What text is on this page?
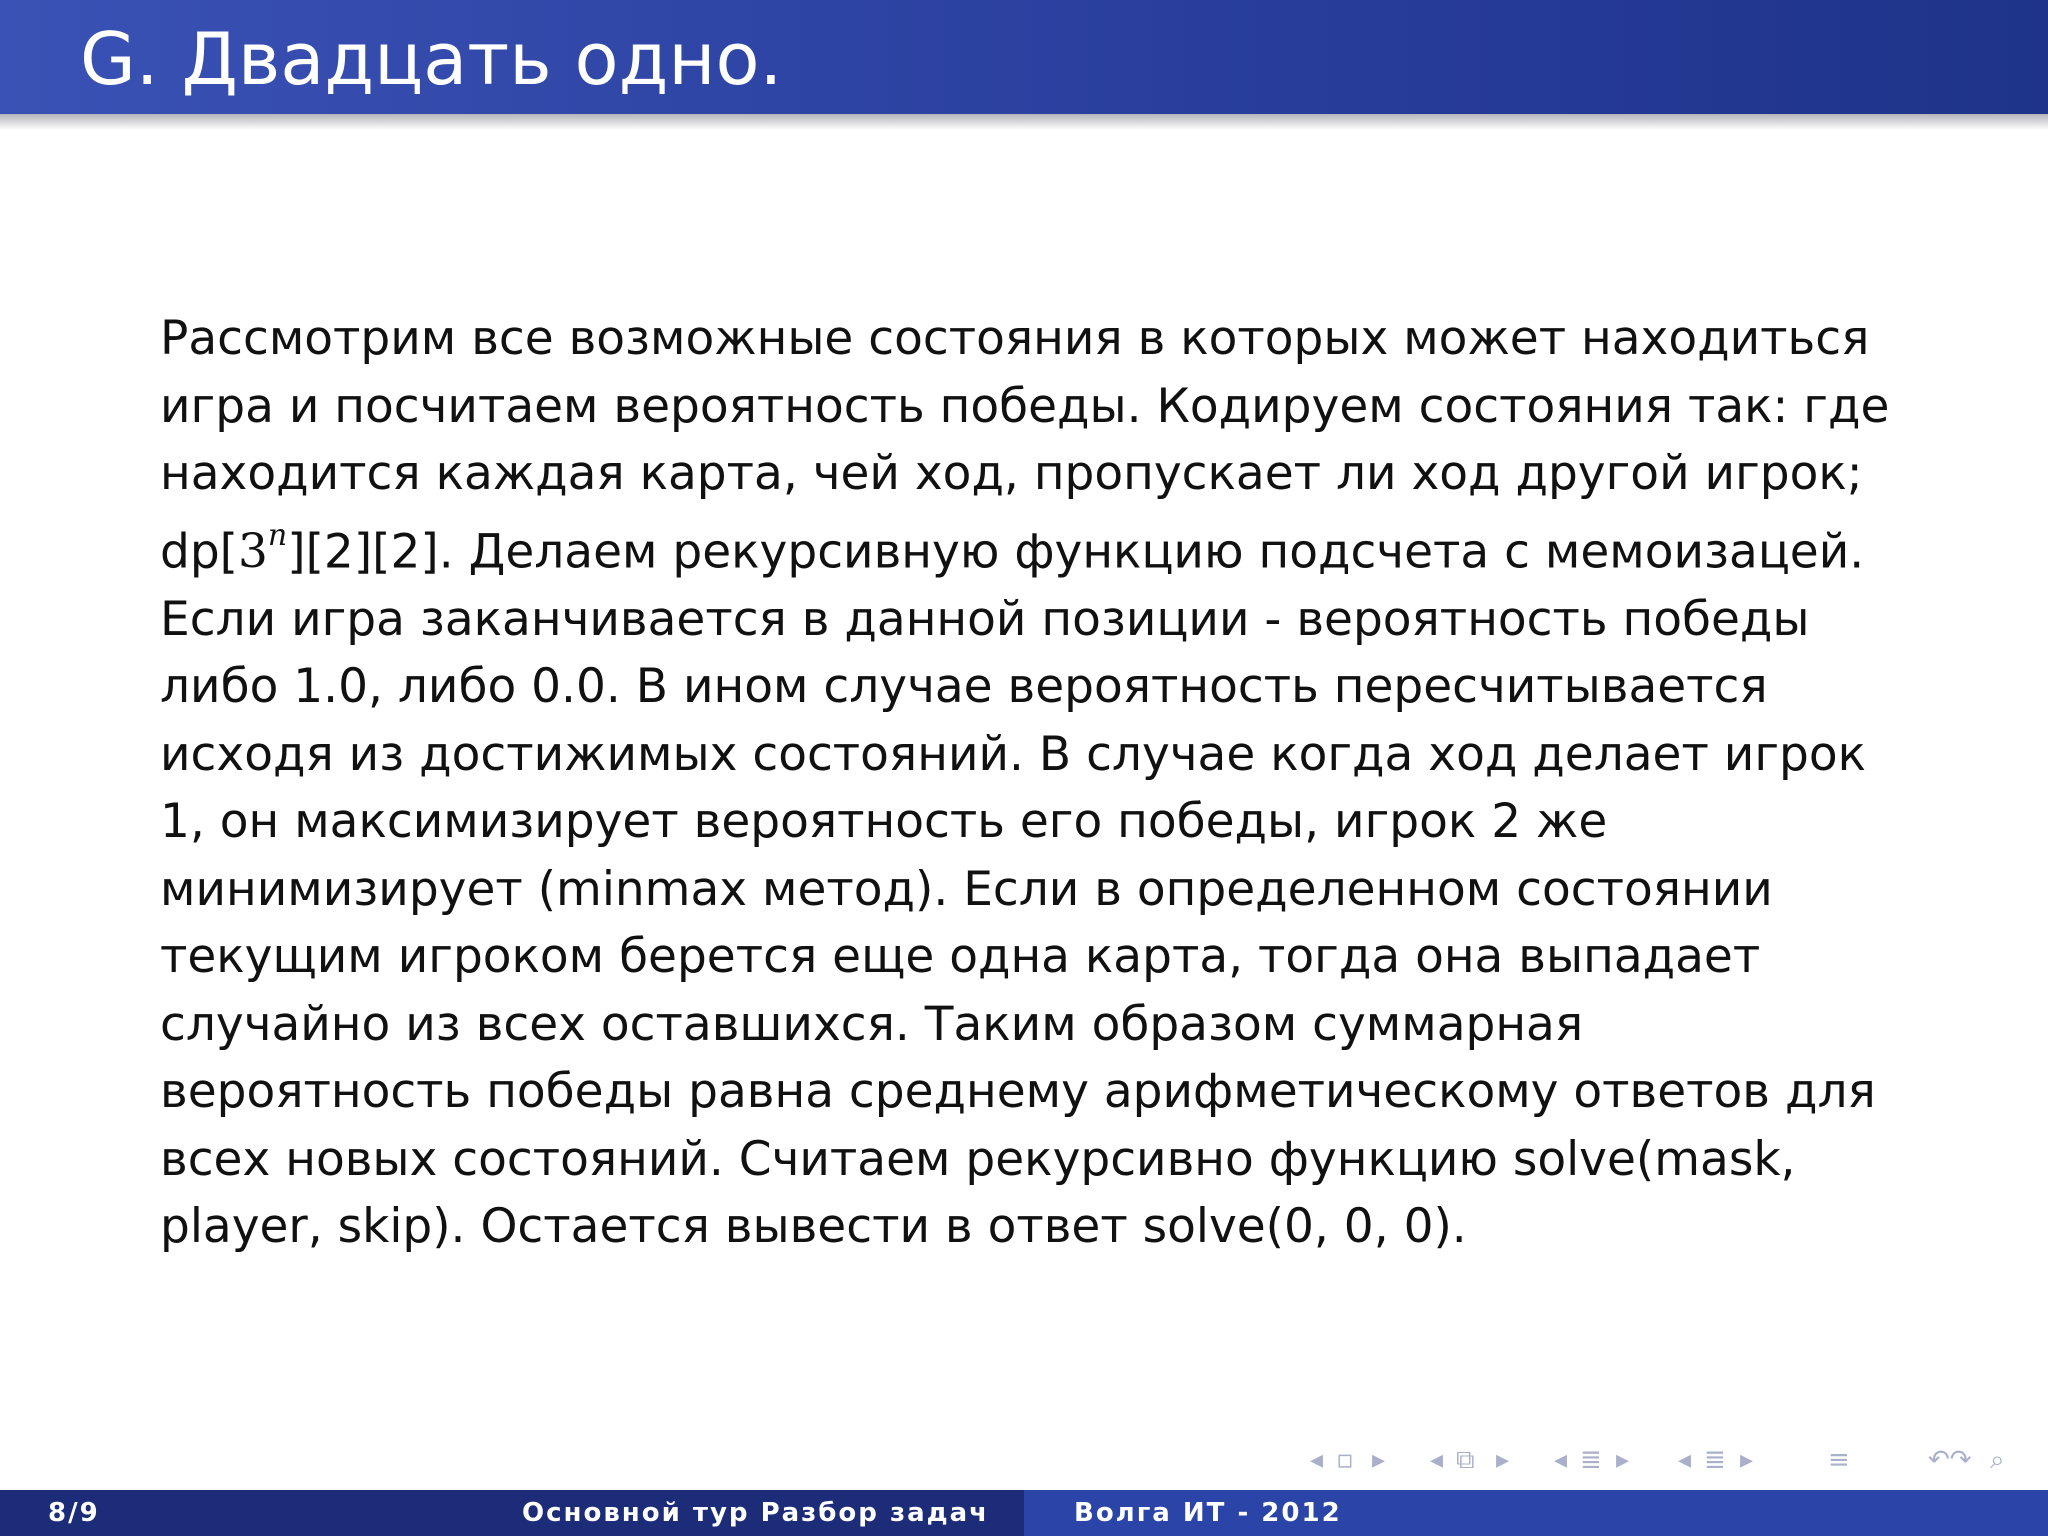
G. Двадцать одно.

Рассмотрим все возможные состояния в которых может находиться

игра и посчитаем вероятность победы. Кодируем состояния так: где

находится каждая карта, чей ход, пропускает ли ход другой игрок;

dp[3$^n$][2][2]. Делаем рекурсивную функцию подсчета с мемоизацей.

Если игра заканчивается в данной позиции - вероятность победы

либо 1.0, либо 0.0. В ином случае вероятность пересчитывается

исходя из достижимых состояний. В случае когда ход делает игрок

1, он максимизирует вероятность его победы, игрок 2 же

минимизирует (minmax метод). Если в определенном состоянии

текущим игроком берется еще одна карта, тогда она выпадает

случайно из всех оставшихся. Таким образом суммарная

вероятность победы равна среднему арифметическому ответов для

всех новых состояний. Считаем рекурсивно функцию solve(mask,

player, skip). Остается вывести в ответ solve(0, 0, 0).

◂ ▫ ▸ ◂ ⧉ ▸ ◂ ≣ ▸ ◂ ≣ ▸	≡	↶↷ ⌕
8/9	Основной тур Разбор задач	Волга ИТ - 2012
